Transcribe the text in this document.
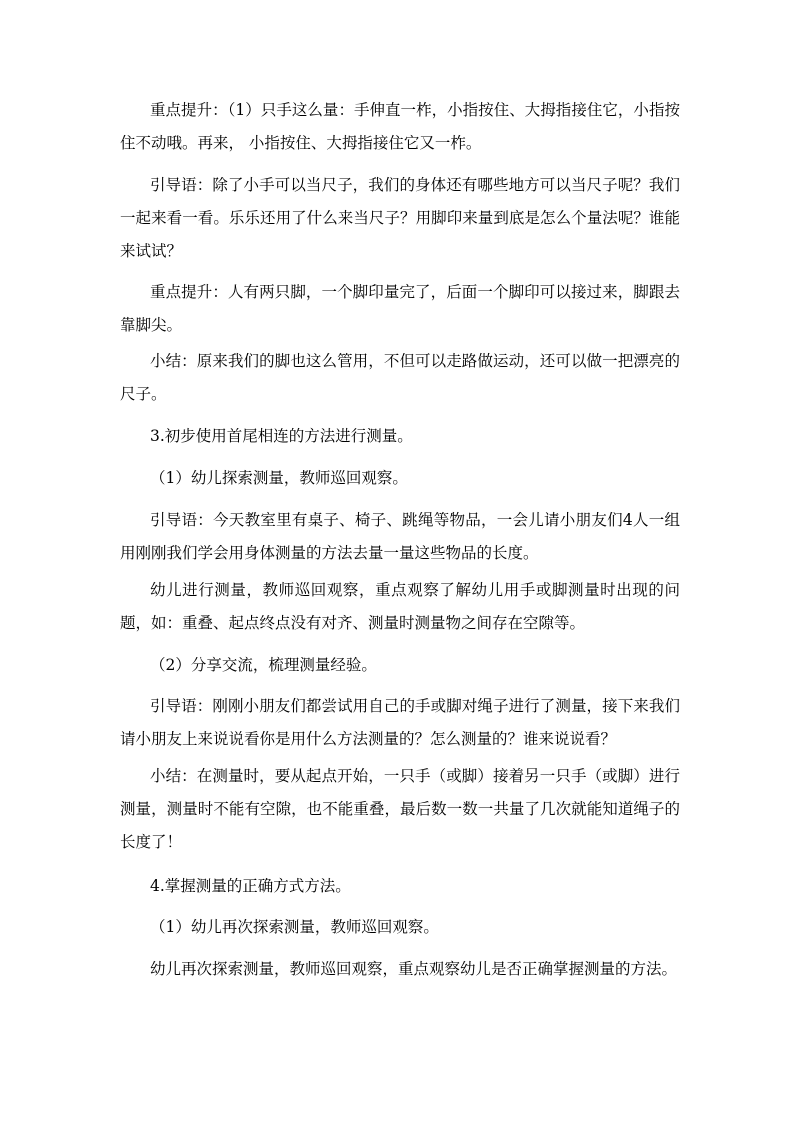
重点提升：（1）只手这么量：手伸直一柞，小指按住、大拇指接住它，小指按住不动哦。再来， 小指按住、大拇指接住它又一柞。

引导语：除了小手可以当尺子，我们的身体还有哪些地方可以当尺子呢？我们一起来看一看。乐乐还用了什么来当尺子？用脚印来量到底是怎么个量法呢？谁能来试试？

重点提升：人有两只脚，一个脚印量完了，后面一个脚印可以接过来，脚跟去靠脚尖。

小结：原来我们的脚也这么管用，不但可以走路做运动，还可以做一把漂亮的尺子。

3.初步使用首尾相连的方法进行测量。

（1）幼儿探索测量，教师巡回观察。

引导语：今天教室里有桌子、椅子、跳绳等物品，一会儿请小朋友们4人一组用刚刚我们学会用身体测量的方法去量一量这些物品的长度。

幼儿进行测量，教师巡回观察，重点观察了解幼儿用手或脚测量时出现的问题，如：重叠、起点终点没有对齐、测量时测量物之间存在空隙等。

（2）分享交流，梳理测量经验。

引导语：刚刚小朋友们都尝试用自己的手或脚对绳子进行了测量，接下来我们请小朋友上来说说看你是用什么方法测量的？怎么测量的？谁来说说看？

小结：在测量时，要从起点开始，一只手（或脚）接着另一只手（或脚）进行测量，测量时不能有空隙，也不能重叠，最后数一数一共量了几次就能知道绳子的长度了！

4.掌握测量的正确方式方法。

（1）幼儿再次探索测量，教师巡回观察。

幼儿再次探索测量，教师巡回观察，重点观察幼儿是否正确掌握测量的方法。
